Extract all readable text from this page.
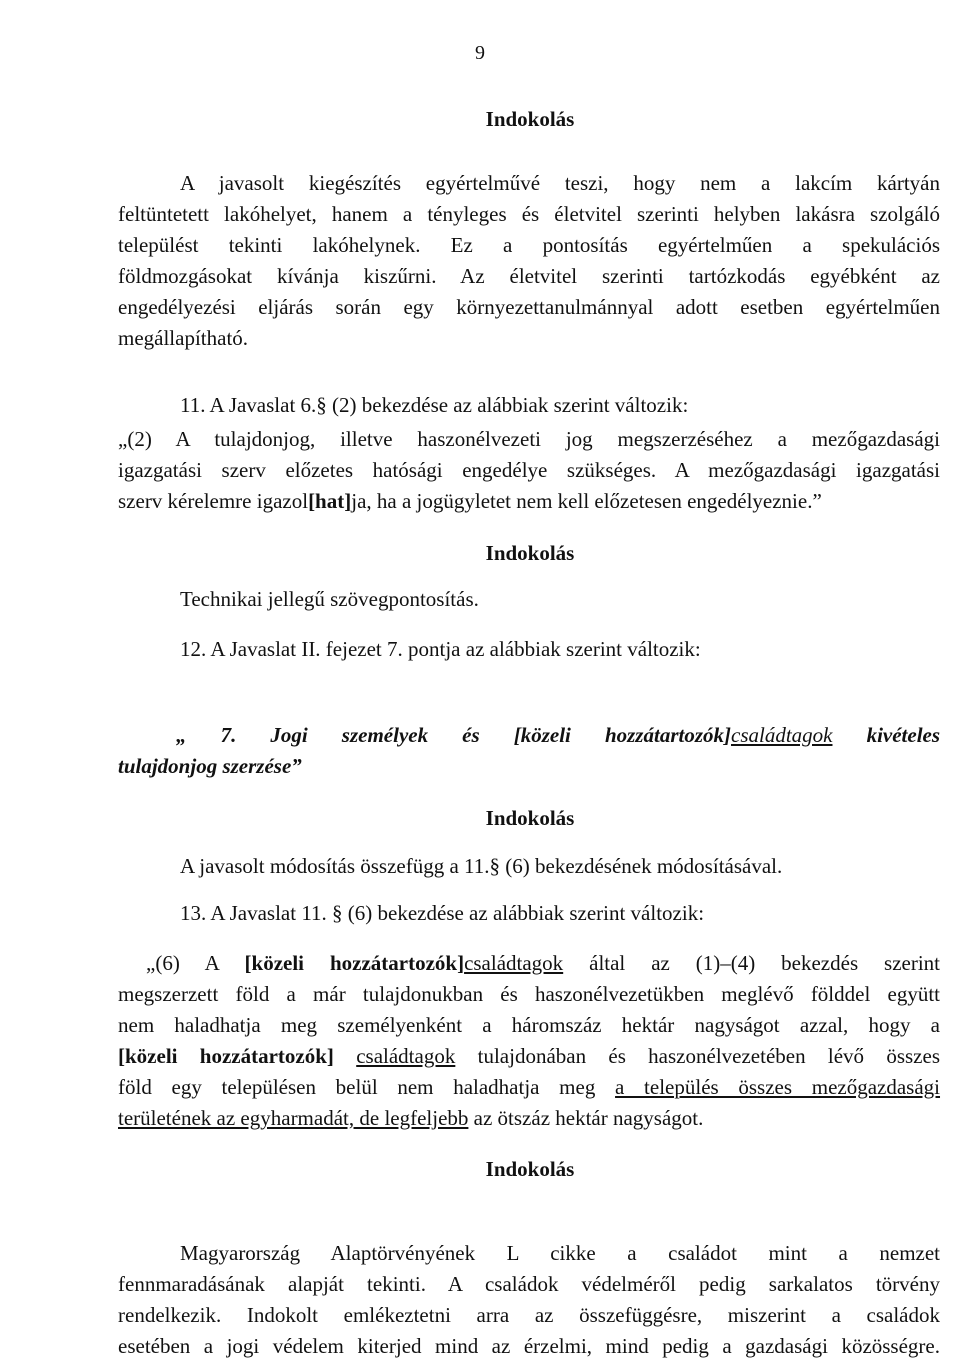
9
Indokolás
A javasolt kiegészítés egyértelművé teszi, hogy nem a lakcím kártyán
feltüntetett lakóhelyet, hanem a tényleges és életvitel szerinti helyben lakásra szolgáló
települést tekinti lakóhelynek. Ez a pontosítás egyértelműen a spekulációs
földmozgásokat kívánja kiszűrni. Az életvitel szerinti tartózkodás egyébként az
engedélyezési eljárás során egy környezettanulmánnyal adott esetben egyértelműen
megállapítható.
11. A Javaslat 6.§ (2) bekezdése az alábbiak szerint változik:
„(2) A tulajdonjog, illetve haszonélvezeti jog megszerzéséhez a mezőgazdasági
igazgatási szerv előzetes hatósági engedélye szükséges. A mezőgazdasági igazgatási
szerv kérelemre igazol[hat]ja, ha a jogügyletet nem kell előzetesen engedélyeznie.”
Indokolás
Technikai jellegű szövegpontosítás.
12. A Javaslat II. fejezet 7. pontja az alábbiak szerint változik:
„ 7. Jogi személyek és [közeli hozzátartozók]családtagok kivételes
tulajdonjog szerzése”
Indokolás
A javasolt módosítás összefügg a 11.§ (6) bekezdésének módosításával.
13. A Javaslat 11. § (6) bekezdése az alábbiak szerint változik:
„(6) A [közeli hozzátartozók]családtagok által az (1)–(4) bekezdés szerint
megszerzett föld a már tulajdonukban és haszonélvezetükben meglévő földdel együtt
nem haladhatja meg személyenként a háromszáz hektár nagyságot azzal, hogy a
[közeli hozzátartozók] családtagok tulajdonában és haszonélvezetében lévő összes
föld egy településen belül nem haladhatja meg a település összes mezőgazdasági
területének az egyharmadát, de legfeljebb az ötszáz hektár nagyságot.
Indokolás
Magyarország Alaptörvényének L cikke a családot mint a nemzet
fennmaradásának alapját tekinti. A családok védelméről pedig sarkalatos törvény
rendelkezik. Indokolt emlékeztetni arra az összefüggésre, miszerint a családok
esetében a jogi védelem kiterjed mind az érzelmi, mind pedig a gazdasági közösségre.
